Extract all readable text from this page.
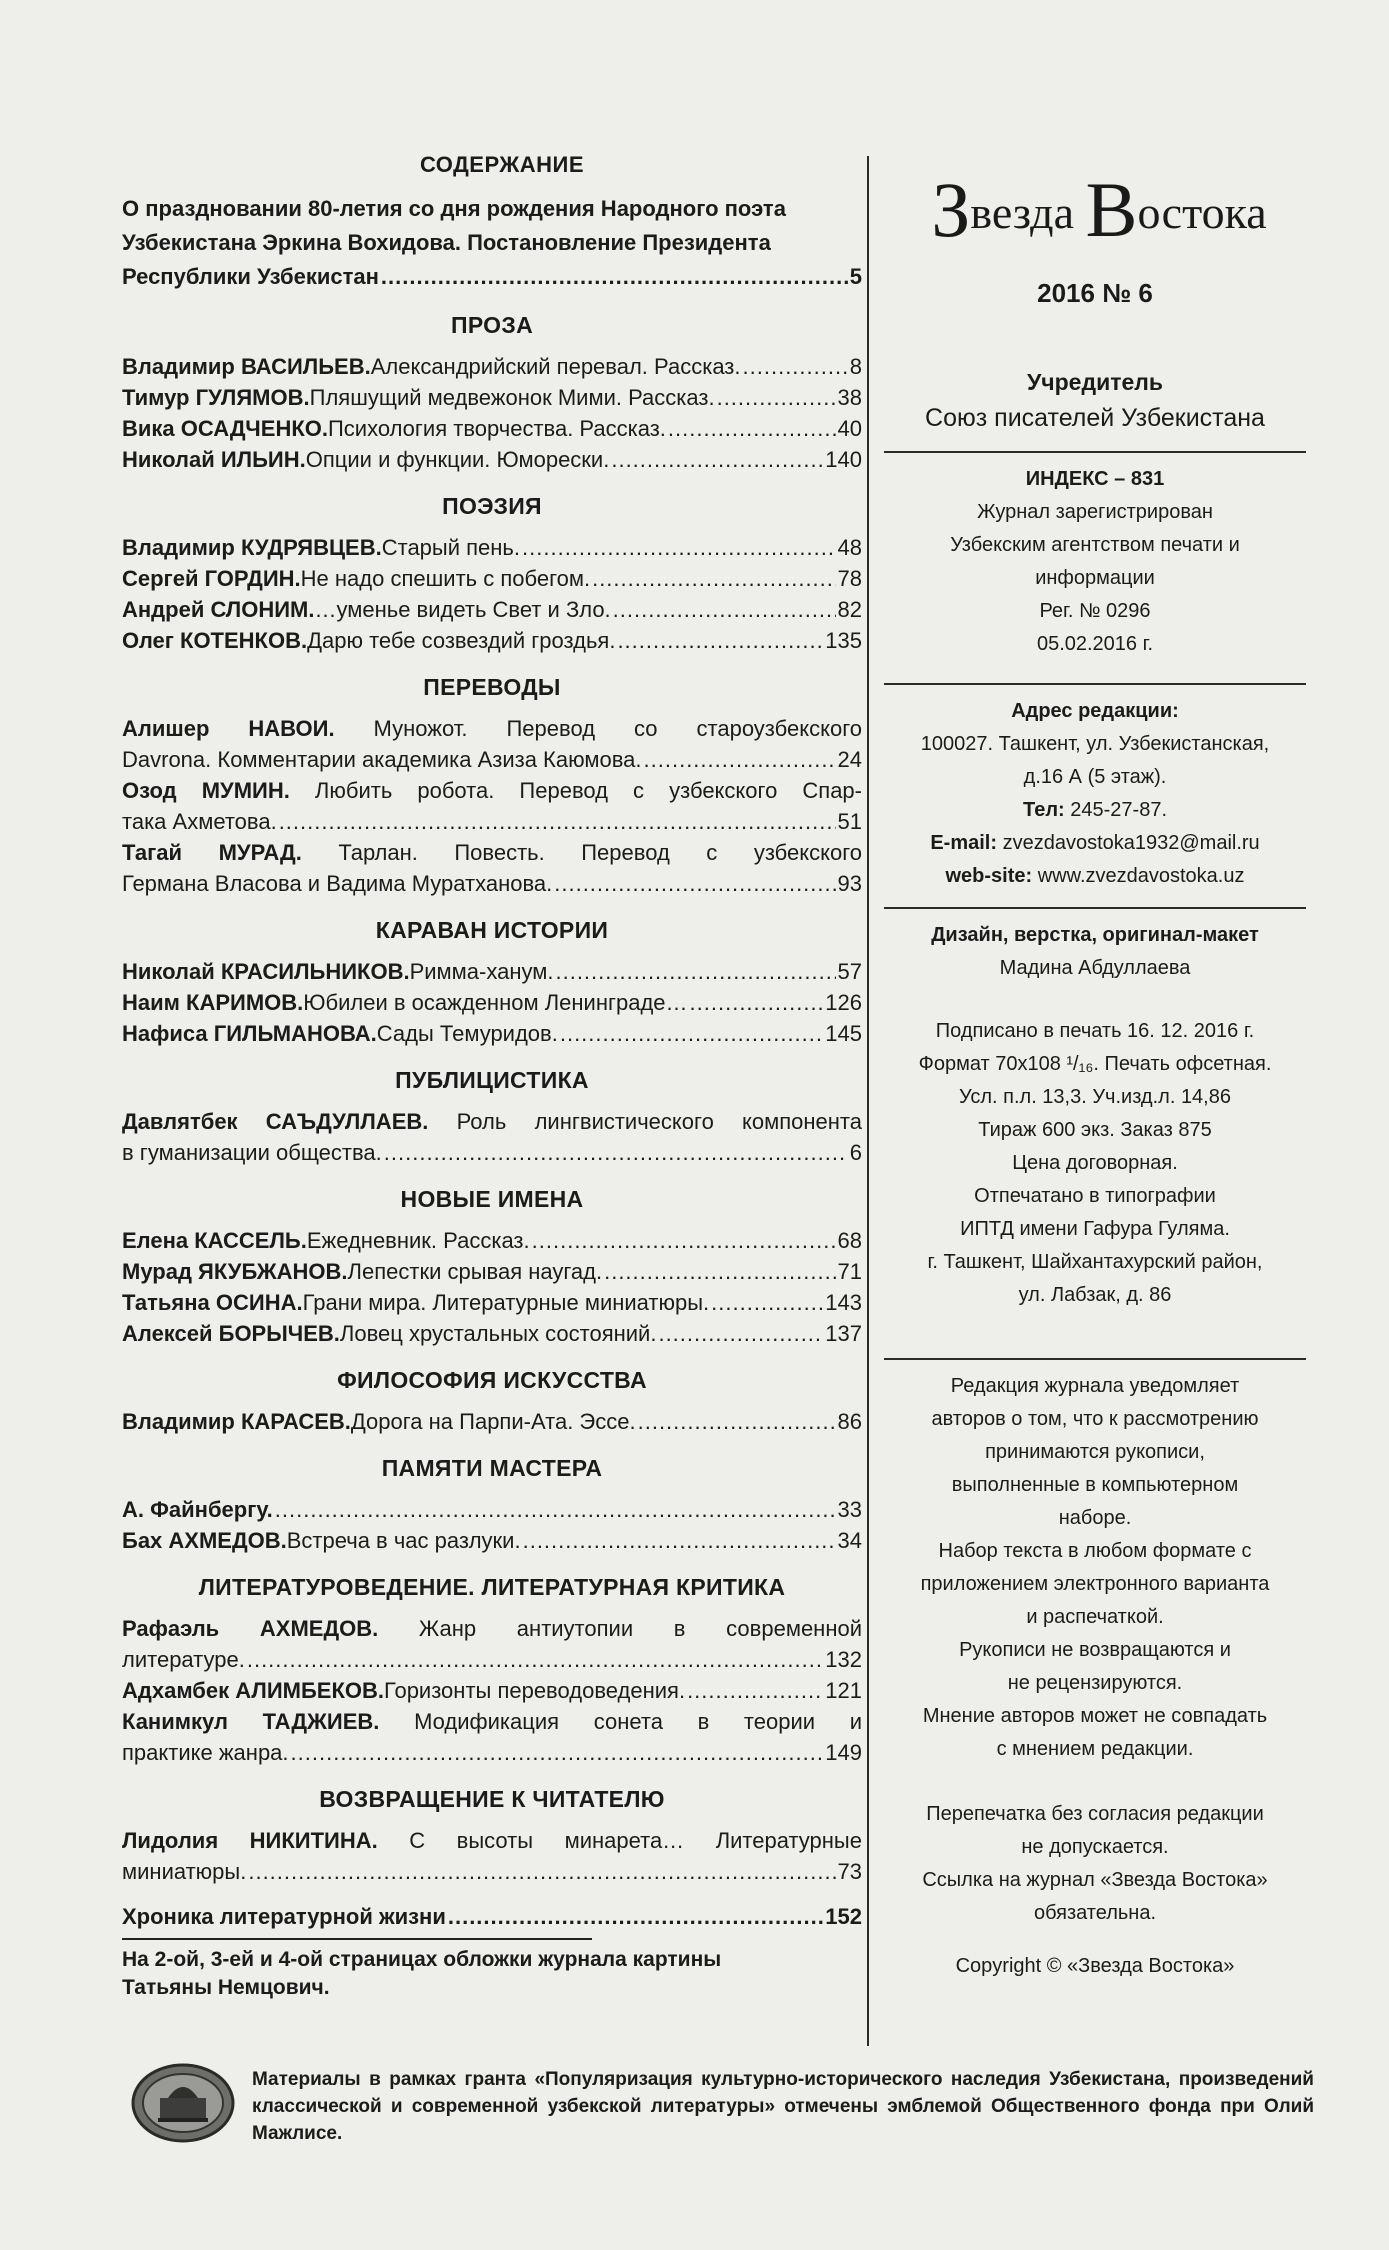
СОДЕРЖАНИЕ
О праздновании 80-летия со дня рождения Народного поэта
Узбекистана Эркина Вохидова. Постановление Президента
Республики Узбекистан .....	5
ПРОЗА
Владимир ВАСИЛЬЕВ. Александрийский перевал. Рассказ. .....	8
Тимур ГУЛЯМОВ. Пляшущий медвежонок Мими. Рассказ. .....	38
Вика ОСАДЧЕНКО. Психология творчества. Рассказ. .....	40
Николай ИЛЬИН. Опции и функции. Юморески. .....	140
ПОЭЗИЯ
Владимир КУДРЯВЦЕВ. Старый пень. .....	48
Сергей ГОРДИН. Не надо спешить с побегом. .....	78
Андрей СЛОНИМ. …уменье видеть Свет и Зло. .....	82
Олег КОТЕНКОВ. Дарю тебе созвездий гроздья. .....	135
ПЕРЕВОДЫ
Алишер НАВОИ. Муножот. Перевод со староузбекского
Davrona. Комментарии академика Азиза Каюмова. .....	24
Озод МУМИН. Любить робота. Перевод с узбекского Спар-
така Ахметова. .....	51
Тагай МУРАД. Тарлан. Повесть. Перевод с узбекского
Германа Власова и Вадима Муратханова. .....	93
КАРАВАН ИСТОРИИ
Николай КРАСИЛЬНИКОВ. Римма-ханум. .....	57
Наим КАРИМОВ. Юбилеи в осажденном Ленинграде… .....	126
Нафиса ГИЛЬМАНОВА. Сады Темуридов. .....	145
ПУБЛИЦИСТИКА
Давлятбек САЪДУЛЛАЕВ. Роль лингвистического компонента
в гуманизации общества. .....	6
НОВЫЕ ИМЕНА
Елена КАССЕЛЬ. Ежедневник. Рассказ. .....	68
Мурад ЯКУБЖАНОВ. Лепестки срывая наугад. .....	71
Татьяна ОСИНА. Грани мира. Литературные миниатюры. .....	143
Алексей БОРЫЧЕВ. Ловец хрустальных состояний. .....	137
ФИЛОСОФИЯ ИСКУССТВА
Владимир КАРАСЕВ. Дорога на Парпи-Ата. Эссе. .....	86
ПАМЯТИ МАСТЕРА
А. Файнбергу. .....	33
Бах АХМЕДОВ. Встреча в час разлуки. .....	34
ЛИТЕРАТУРОВЕДЕНИЕ. ЛИТЕРАТУРНАЯ КРИТИКА
Рафаэль АХМЕДОВ. Жанр антиутопии в современной
литературе. .....	132
Адхамбек АЛИМБЕКОВ. Горизонты переводоведения. .....	121
Канимкул ТАДЖИЕВ. Модификация сонета в теории и
практике жанра. .....	149
ВОЗВРАЩЕНИЕ К ЧИТАТЕЛЮ
Лидолия НИКИТИНА. С высоты минарета… Литературные
миниатюры. .....	73
Хроника литературной жизни .....	152
На 2-ой, 3-ей и 4-ой страницах обложки журнала картины
Татьяны Немцович.
Звезда Востока
2016 № 6
Учредитель
Союз писателей Узбекистана
ИНДЕКС – 831
Журнал зарегистрирован
Узбекским агентством печати и
информации
Рег. № 0296
05.02.2016 г.
Адрес редакции:
100027. Ташкент, ул. Узбекистанская,
д.16 А (5 этаж).
Тел: 245-27-87.
E-mail: zvezdavostoka1932@mail.ru
web-site: www.zvezdavostoka.uz
Дизайн, верстка, оригинал-макет
Мадина Абдуллаева
Подписано в печать 16. 12. 2016 г.
Формат 70х108 ¹/₁₆. Печать офсетная.
Усл. п.л. 13,3. Уч.изд.л. 14,86
Тираж 600 экз. Заказ 875
Цена договорная.
Отпечатано в типографии
ИПТД имени Гафура Гуляма.
г. Ташкент, Шайхантахурский район,
ул. Лабзак, д. 86
Редакция журнала уведомляет
авторов о том, что к рассмотрению
принимаются рукописи,
выполненные в компьютерном
наборе.
Набор текста в любом формате с
приложением электронного варианта
и распечаткой.
Рукописи не возвращаются и
не рецензируются.
Мнение авторов может не совпадать
с мнением редакции.
Перепечатка без согласия редакции
не допускается.
Ссылка на журнал «Звезда Востока»
обязательна.
Copyright © «Звезда Востока»
Материалы в рамках гранта «Популяризация культурно-исторического наследия Узбекистана, произведений классической и современной узбекской литературы» отмечены эмблемой Общественного фонда при Олий Мажлисе.
